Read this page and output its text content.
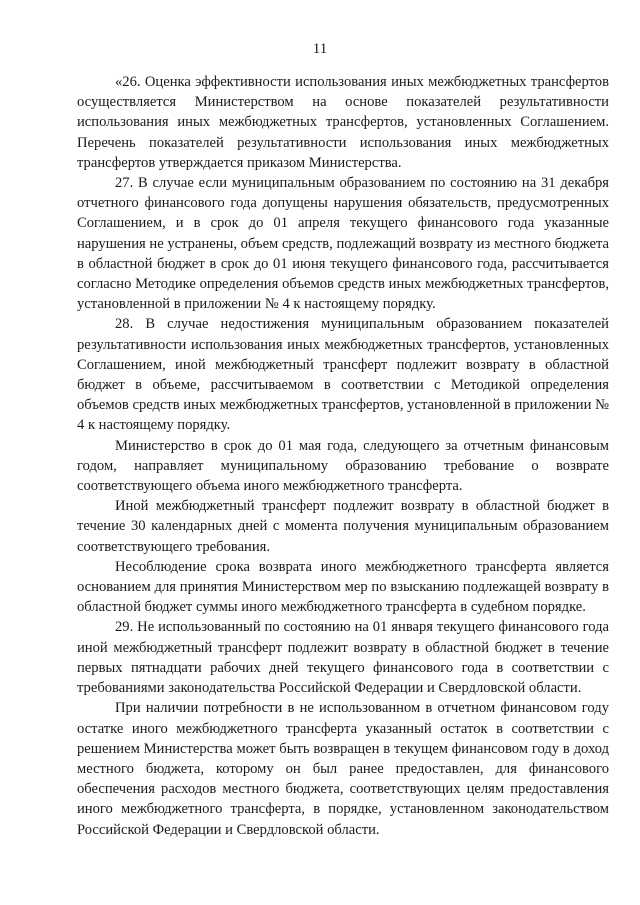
11

«26. Оценка эффективности использования иных межбюджетных трансфертов осуществляется Министерством на основе показателей результативности использования иных межбюджетных трансфертов, установленных Соглашением. Перечень показателей результативности использования иных межбюджетных трансфертов утверждается приказом Министерства.

27. В случае если муниципальным образованием по состоянию на 31 декабря отчетного финансового года допущены нарушения обязательств, предусмотренных Соглашением, и в срок до 01 апреля текущего финансового года указанные нарушения не устранены, объем средств, подлежащий возврату из местного бюджета в областной бюджет в срок до 01 июня текущего финансового года, рассчитывается согласно Методике определения объемов средств иных межбюджетных трансфертов, установленной в приложении № 4 к настоящему порядку.

28. В случае недостижения муниципальным образованием показателей результативности использования иных межбюджетных трансфертов, установленных Соглашением, иной межбюджетный трансферт подлежит возврату в областной бюджет в объеме, рассчитываемом в соответствии с Методикой определения объемов средств иных межбюджетных трансфертов, установленной в приложении № 4 к настоящему порядку.

Министерство в срок до 01 мая года, следующего за отчетным финансовым годом, направляет муниципальному образованию требование о возврате соответствующего объема иного межбюджетного трансферта.

Иной межбюджетный трансферт подлежит возврату в областной бюджет в течение 30 календарных дней с момента получения муниципальным образованием соответствующего требования.

Несоблюдение срока возврата иного межбюджетного трансферта является основанием для принятия Министерством мер по взысканию подлежащей возврату в областной бюджет суммы иного межбюджетного трансферта в судебном порядке.

29. Не использованный по состоянию на 01 января текущего финансового года иной межбюджетный трансферт подлежит возврату в областной бюджет в течение первых пятнадцати рабочих дней текущего финансового года в соответствии с требованиями законодательства Российской Федерации и Свердловской области.

При наличии потребности в не использованном в отчетном финансовом году остатке иного межбюджетного трансферта указанный остаток в соответствии с решением Министерства может быть возвращен в текущем финансовом году в доход местного бюджета, которому он был ранее предоставлен, для финансового обеспечения расходов местного бюджета, соответствующих целям предоставления иного межбюджетного трансферта, в порядке, установленном законодательством Российской Федерации и Свердловской области.
